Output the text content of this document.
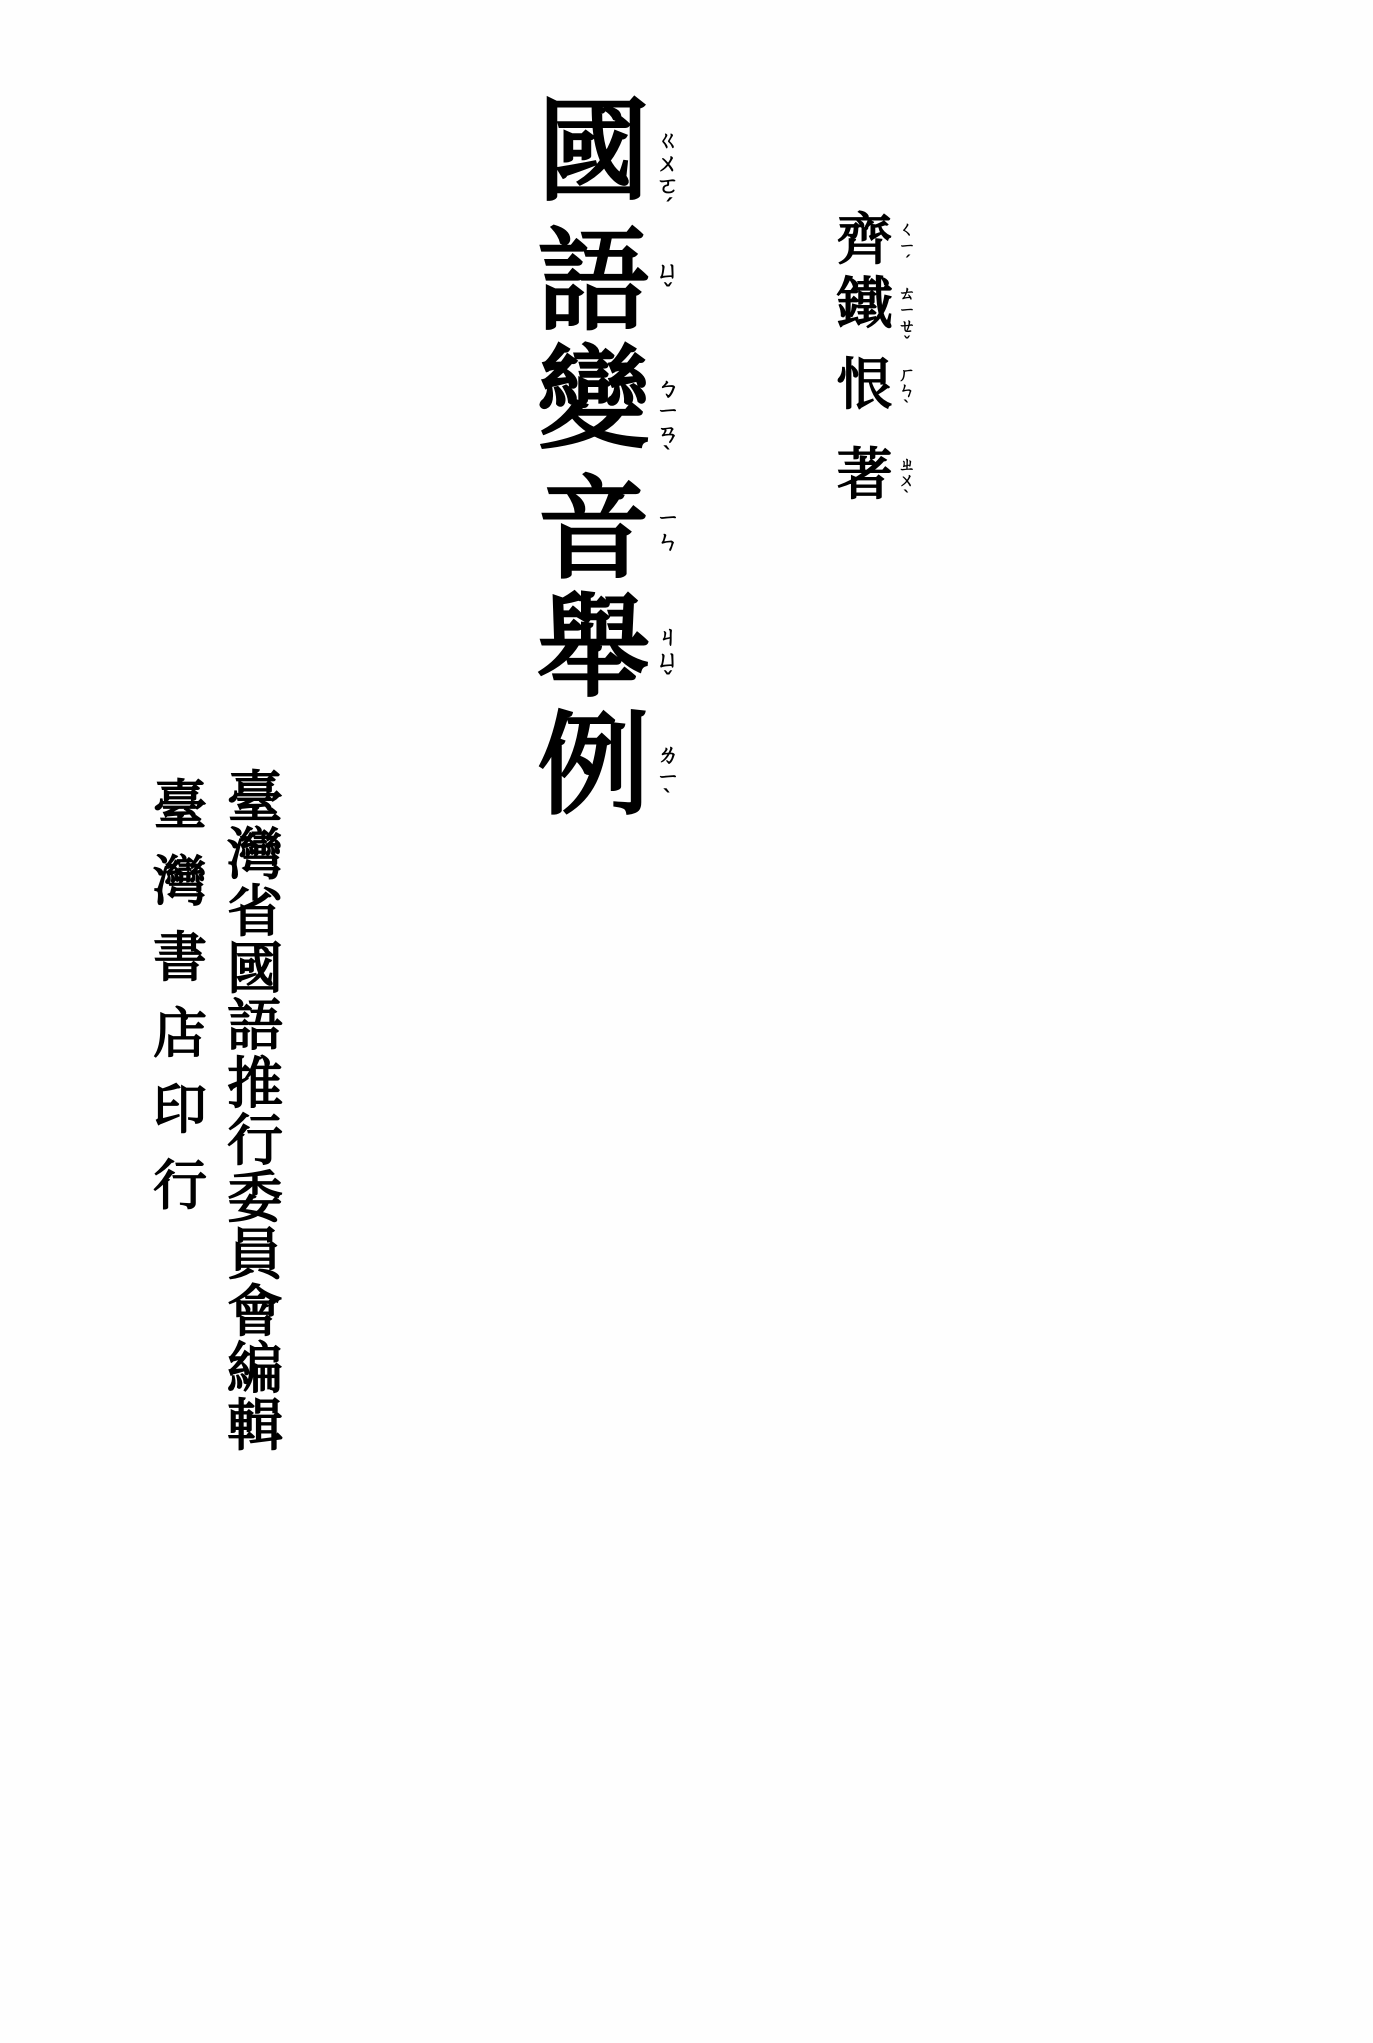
國 ㄍ
ㄨ
ㄛ
ˊ
語 ㄩ
ˇ
變 ㄅ
ㄧ
ㄢ
ˋ
音 ㄧ
ㄣ
舉 ㄐ
ㄩ
ˇ
例 ㄌ
ㄧ
ˋ
齊 ㄑ
ㄧ
ˊ
鐵 ㄊ
ㄧ
ㄝ
ˇ
恨 ㄏ
ㄣ
ˋ
著 ㄓ
ㄨ
ˋ
臺
灣
省
國
語
推
行
委
員
會
編
輯
臺
灣
書
店
印
行
